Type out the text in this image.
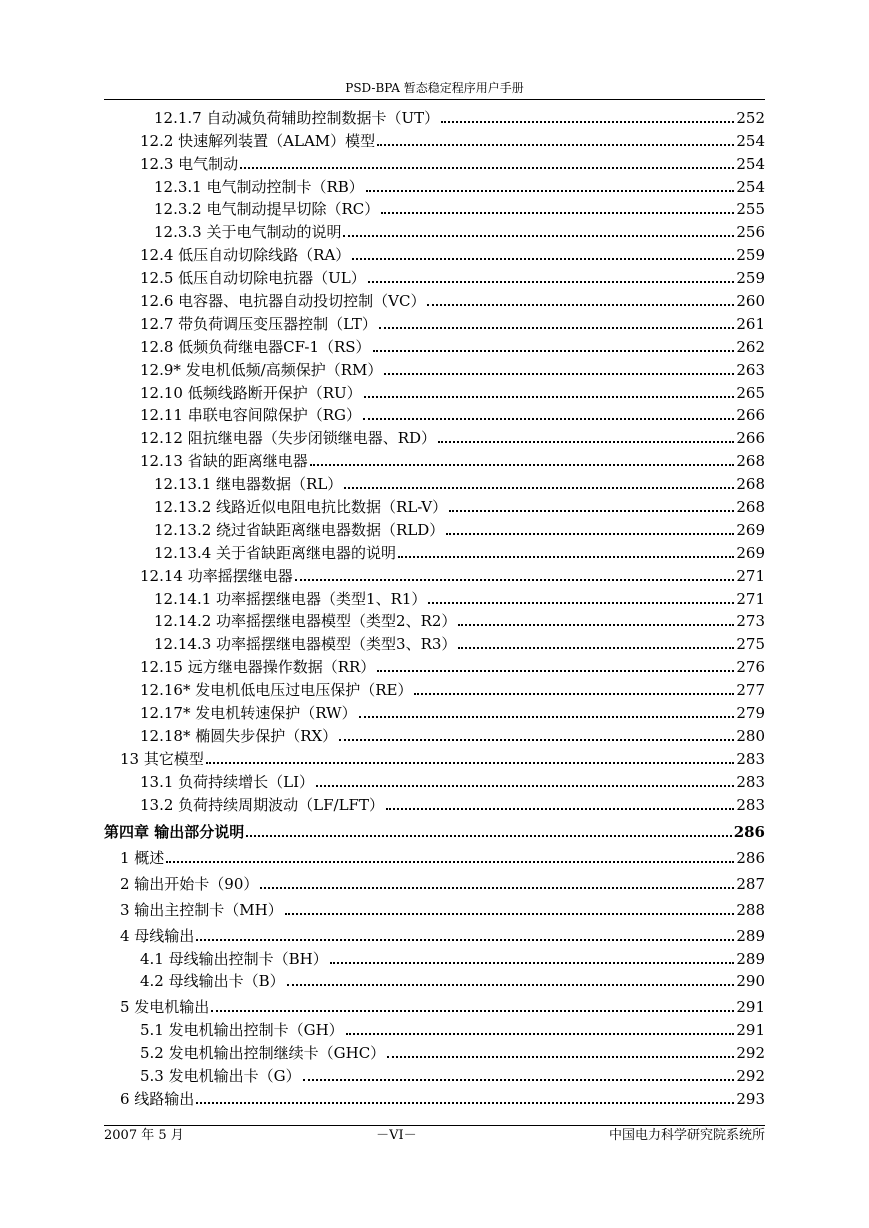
PSD-BPA 暂态稳定程序用户手册
12.1.7 自动减负荷辅助控制数据卡（UT）	252
12.2 快速解列装置（ALAM）模型	254
12.3 电气制动	254
12.3.1 电气制动控制卡（RB）	254
12.3.2 电气制动提早切除（RC）	255
12.3.3 关于电气制动的说明	256
12.4 低压自动切除线路（RA）	259
12.5 低压自动切除电抗器（UL）	259
12.6 电容器、电抗器自动投切控制（VC）	260
12.7 带负荷调压变压器控制（LT）	261
12.8 低频负荷继电器CF-1（RS）	262
12.9* 发电机低频/高频保护（RM）	263
12.10 低频线路断开保护（RU）	265
12.11 串联电容间隙保护（RG）	266
12.12 阻抗继电器（失步闭锁继电器、RD）	266
12.13 省缺的距离继电器	268
12.13.1 继电器数据（RL）	268
12.13.2 线路近似电阻电抗比数据（RL-V）	268
12.13.2 绕过省缺距离继电器数据（RLD）	269
12.13.4 关于省缺距离继电器的说明	269
12.14 功率摇摆继电器	271
12.14.1 功率摇摆继电器（类型1、R1）	271
12.14.2 功率摇摆继电器模型（类型2、R2）	273
12.14.3 功率摇摆继电器模型（类型3、R3）	275
12.15 远方继电器操作数据（RR）	276
12.16* 发电机低电压过电压保护（RE）	277
12.17* 发电机转速保护（RW）	279
12.18* 椭圆失步保护（RX）	280
13 其它模型	283
13.1 负荷持续增长（LI）	283
13.2 负荷持续周期波动（LF/LFT）	283
第四章 输出部分说明	286
1 概述	286
2 输出开始卡（90）	287
3 输出主控制卡（MH）	288
4 母线输出	289
4.1 母线输出控制卡（BH）	289
4.2 母线输出卡（B）	290
5 发电机输出	291
5.1 发电机输出控制卡（GH）	291
5.2 发电机输出控制继续卡（GHC）	292
5.3 发电机输出卡（G）	292
6 线路输出	293
2007 年 5 月	－VI－	中国电力科学研究院系统所
